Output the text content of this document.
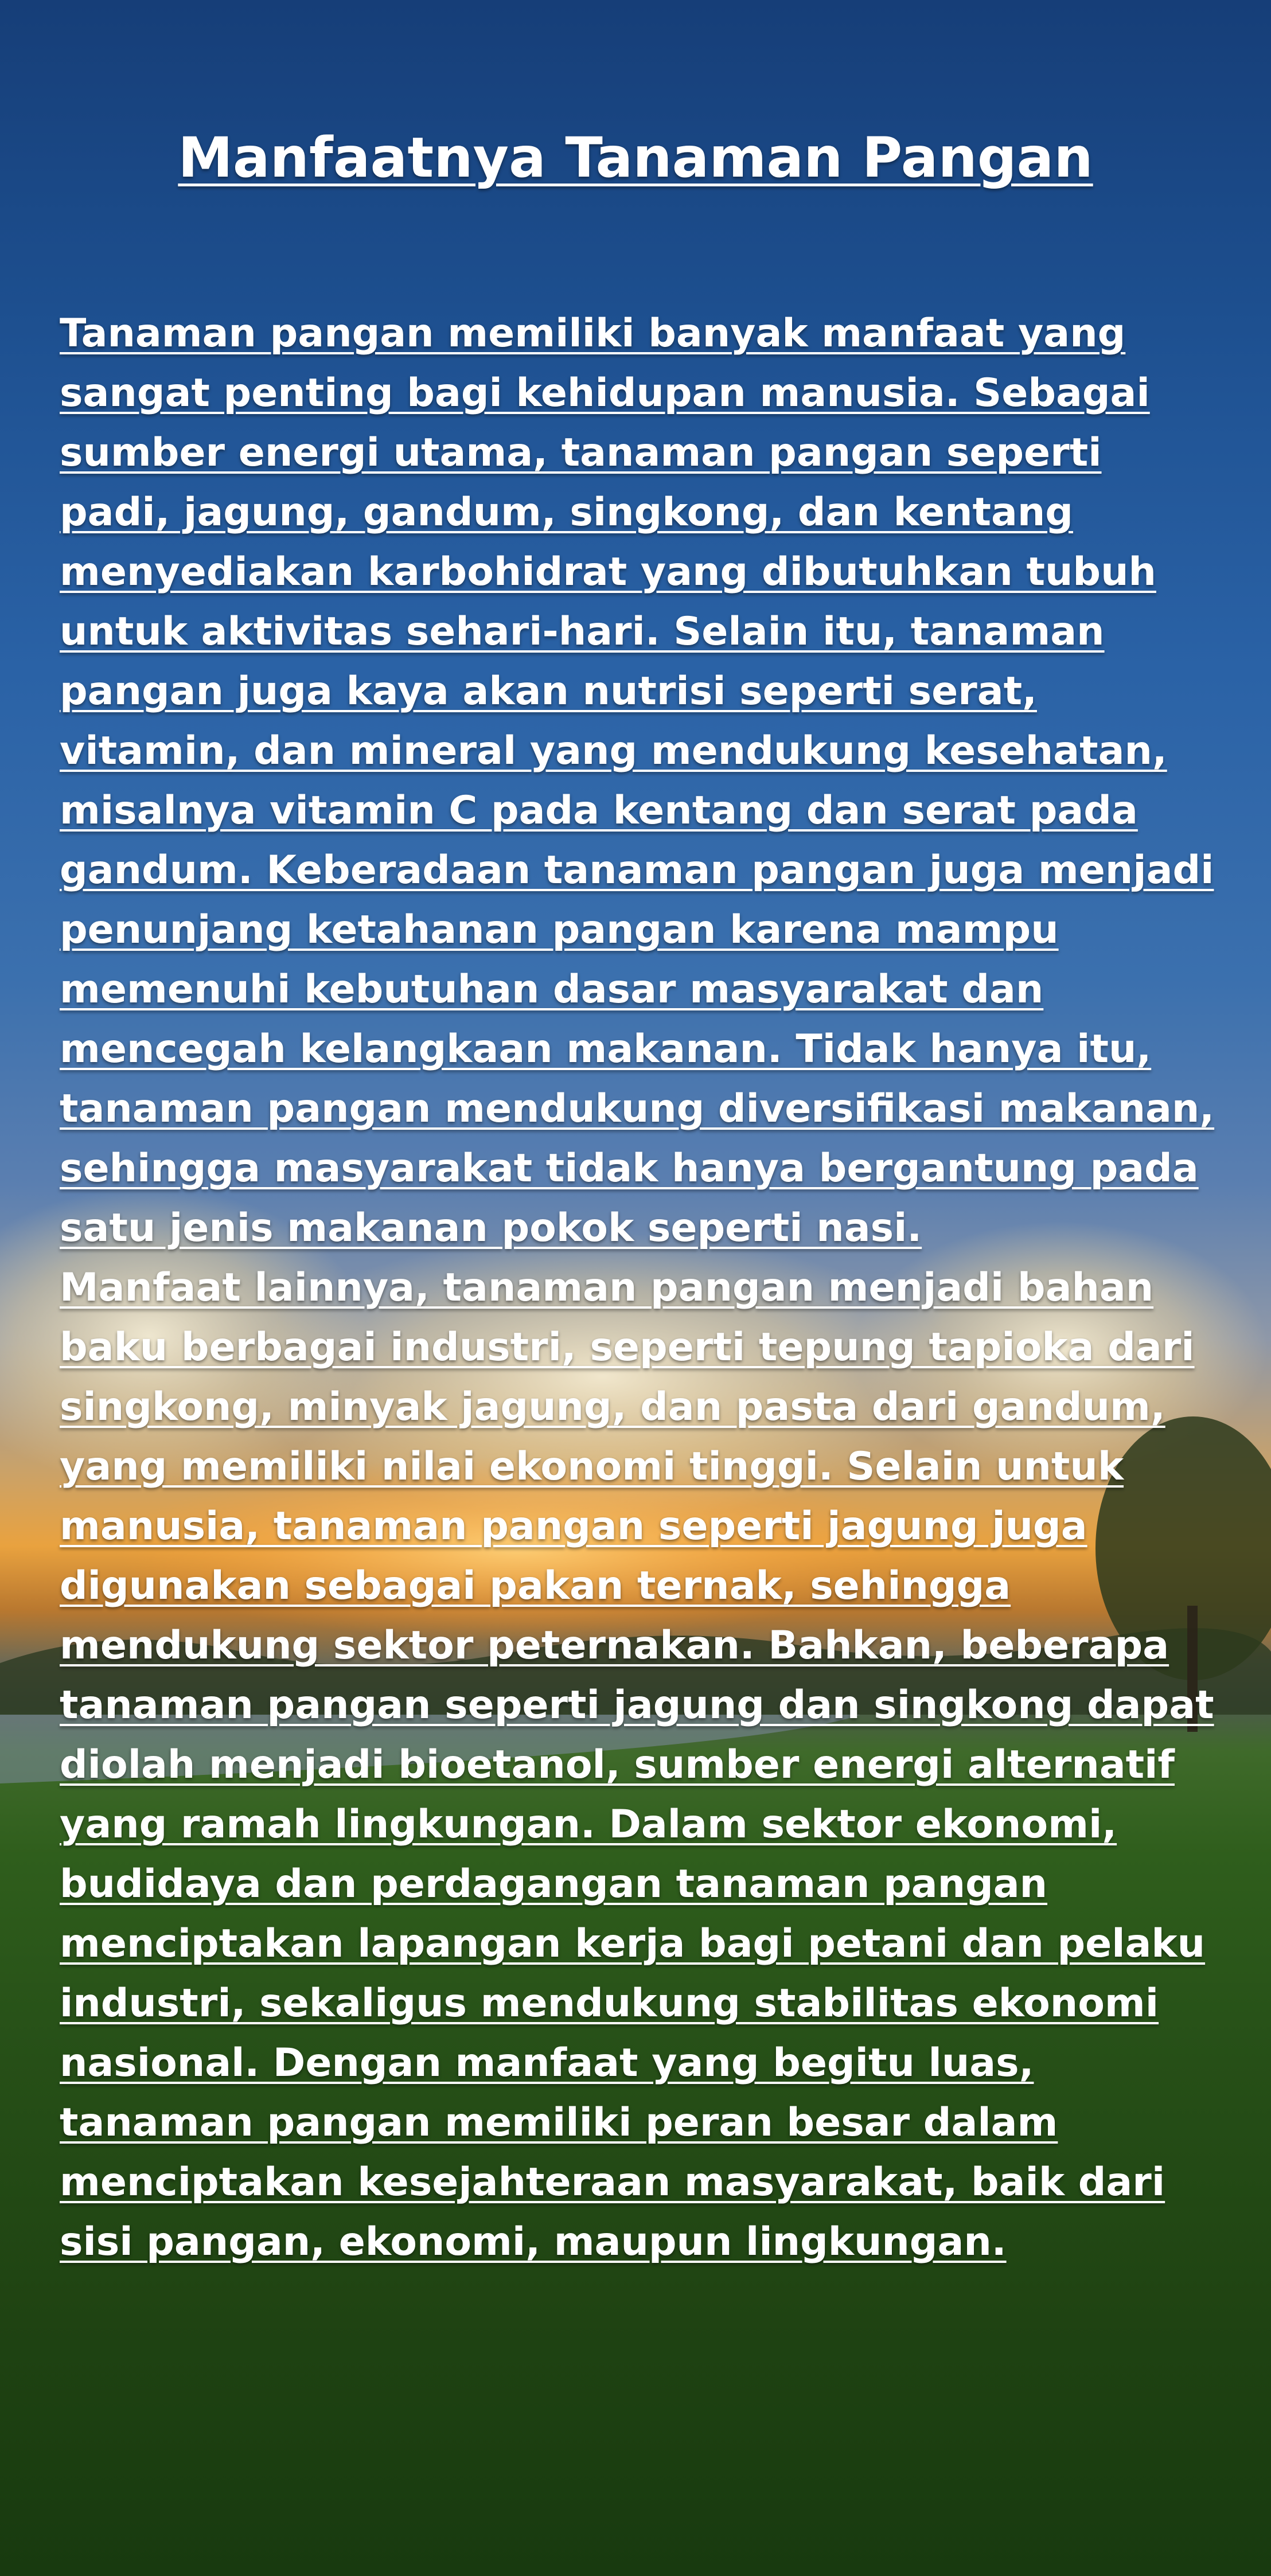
Manfaatnya Tanaman Pangan

Tanaman pangan memiliki banyak manfaat yang sangat penting bagi kehidupan manusia. Sebagai sumber energi utama, tanaman pangan seperti padi, jagung, gandum, singkong, dan kentang menyediakan karbohidrat yang dibutuhkan tubuh untuk aktivitas sehari-hari. Selain itu, tanaman pangan juga kaya akan nutrisi seperti serat, vitamin, dan mineral yang mendukung kesehatan, misalnya vitamin C pada kentang dan serat pada gandum. Keberadaan tanaman pangan juga menjadi penunjang ketahanan pangan karena mampu memenuhi kebutuhan dasar masyarakat dan mencegah kelangkaan makanan. Tidak hanya itu, tanaman pangan mendukung diversifikasi makanan, sehingga masyarakat tidak hanya bergantung pada satu jenis makanan pokok seperti nasi.

Manfaat lainnya, tanaman pangan menjadi bahan baku berbagai industri, seperti tepung tapioka dari singkong, minyak jagung, dan pasta dari gandum, yang memiliki nilai ekonomi tinggi. Selain untuk manusia, tanaman pangan seperti jagung juga digunakan sebagai pakan ternak, sehingga mendukung sektor peternakan. Bahkan, beberapa tanaman pangan seperti jagung dan singkong dapat diolah menjadi bioetanol, sumber energi alternatif yang ramah lingkungan. Dalam sektor ekonomi, budidaya dan perdagangan tanaman pangan menciptakan lapangan kerja bagi petani dan pelaku industri, sekaligus mendukung stabilitas ekonomi nasional. Dengan manfaat yang begitu luas, tanaman pangan memiliki peran besar dalam menciptakan kesejahteraan masyarakat, baik dari sisi pangan, ekonomi, maupun lingkungan.
